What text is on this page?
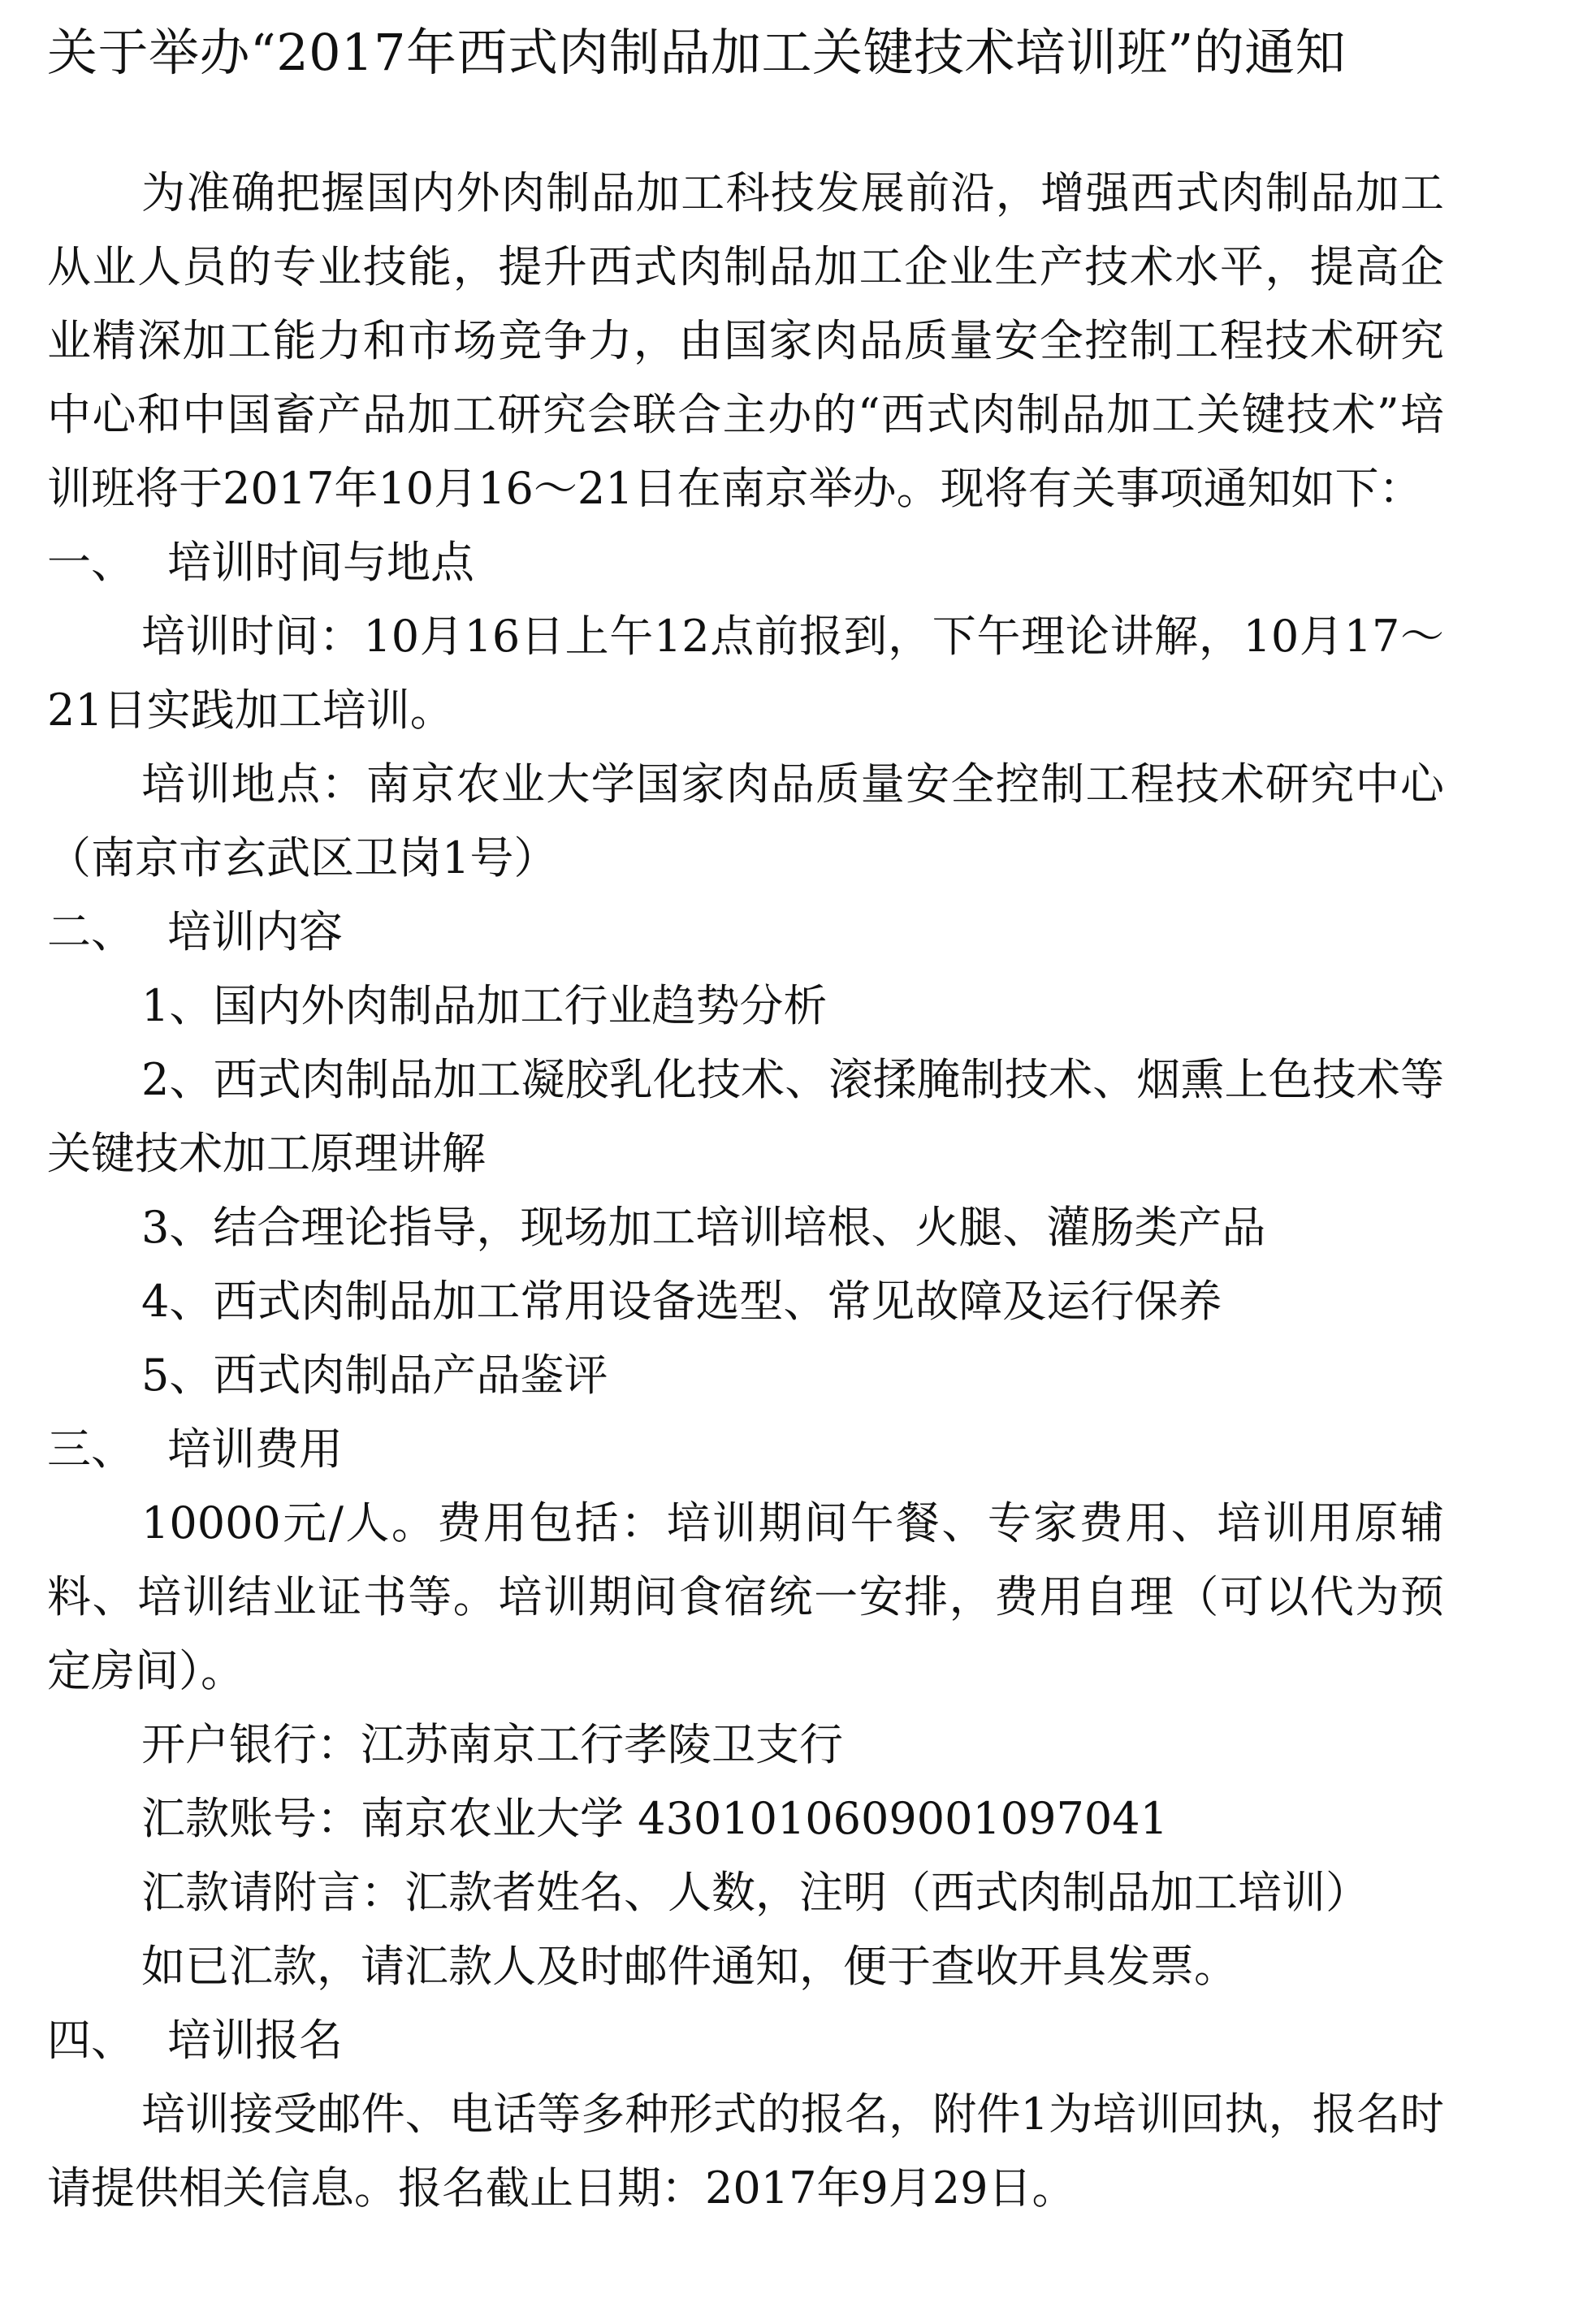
关于举办“2017年西式肉制品加工关键技术培训班”的通知

为准确把握国内外肉制品加工科技发展前沿，增强西式肉制品加工从业人员的专业技能，提升西式肉制品加工企业生产技术水平，提高企业精深加工能力和市场竞争力，由国家肉品质量安全控制工程技术研究中心和中国畜产品加工研究会联合主办的“西式肉制品加工关键技术”培训班将于2017年10月16～21日在南京举办。现将有关事项通知如下：

一、 培训时间与地点

培训时间：10月16日上午12点前报到，下午理论讲解，10月17～21日实践加工培训。

培训地点：南京农业大学国家肉品质量安全控制工程技术研究中心（南京市玄武区卫岗1号）

二、 培训内容

1、国内外肉制品加工行业趋势分析

2、西式肉制品加工凝胶乳化技术、滚揉腌制技术、烟熏上色技术等关键技术加工原理讲解

3、结合理论指导，现场加工培训培根、火腿、灌肠类产品

4、西式肉制品加工常用设备选型、常见故障及运行保养

5、西式肉制品产品鉴评

三、 培训费用

10000元/人。费用包括：培训期间午餐、专家费用、培训用原辅料、培训结业证书等。培训期间食宿统一安排，费用自理（可以代为预定房间）。

开户银行：江苏南京工行孝陵卫支行

汇款账号：南京农业大学 4301010609001097041

汇款请附言：汇款者姓名、人数，注明（西式肉制品加工培训）

如已汇款，请汇款人及时邮件通知，便于查收开具发票。

四、 培训报名

培训接受邮件、电话等多种形式的报名，附件1为培训回执，报名时请提供相关信息。报名截止日期：2017年9月29日。
